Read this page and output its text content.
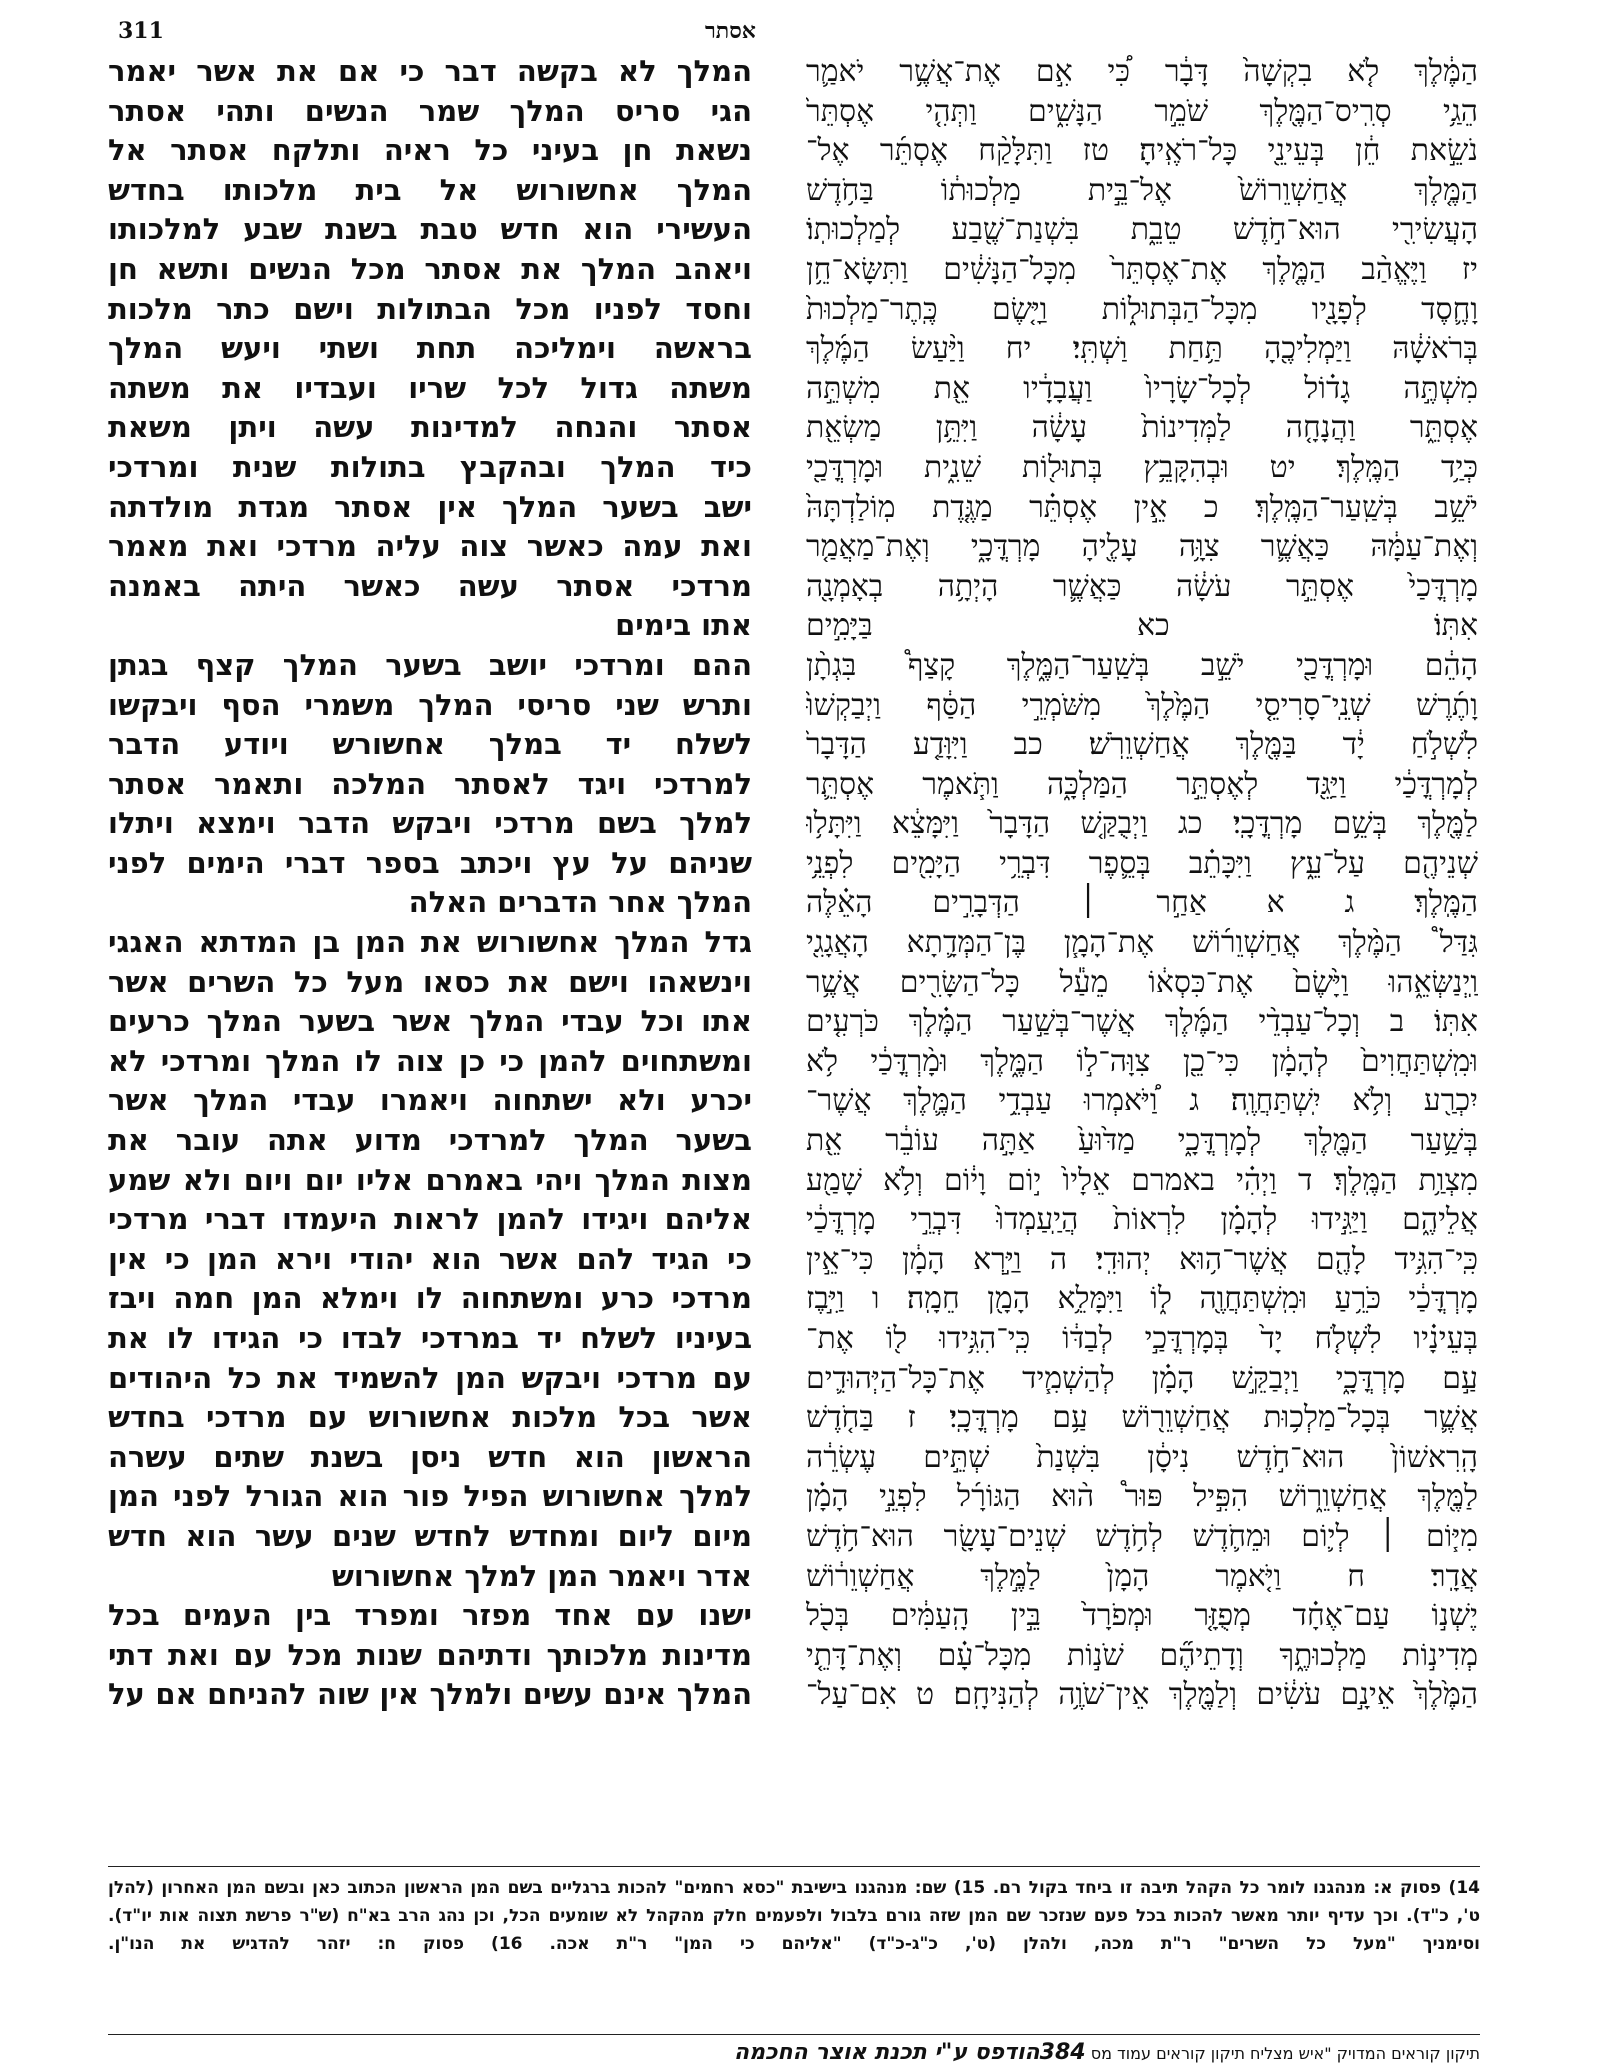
311	אסתר
המלך לא בקשה דבר כי אם את אשר יאמר
הגי סריס המלך שמר הנשים ותהי אסתר
נשאת חן בעיני כל ראיה ותלקח אסתר אל
המלך אחשורוש אל בית מלכותו בחדש
העשירי הוא חדש טבת בשנת שבע למלכותו
ויאהב המלך את אסתר מכל הנשים ותשא חן
וחסד לפניו מכל הבתולות וישם כתר מלכות
בראשה וימליכה תחת ושתי ויעש המלך
משתה גדול לכל שריו ועבדיו את משתה
אסתר והנחה למדינות עשה ויתן משאת
כיד המלך ובהקבץ בתולות שנית ומרדכי
ישב בשער המלך אין אסתר מגדת מולדתה
ואת עמה כאשר צוה עליה מרדכי ואת מאמר
מרדכי אסתר עשה כאשר היתה באמנה
אתו בימים
ההם ומרדכי יושב בשער המלך קצף בגתן
ותרש שני סריסי המלך משמרי הסף ויבקשו
לשלח יד במלך אחשורש ויודע הדבר
למרדכי ויגד לאסתר המלכה ותאמר אסתר
למלך בשם מרדכי ויבקש הדבר וימצא ויתלו
שניהם על עץ ויכתב בספר דברי הימים לפני
המלך אחר הדברים האלה
גדל המלך אחשורוש את המן בן המדתא האגגי
וינשאהו וישם את כסאו מעל כל השרים אשר
אתו וכל עבדי המלך אשר בשער המלך כרעים
ומשתחוים להמן כי כן צוה לו המלך ומרדכי לא
יכרע ולא ישתחוה ויאמרו עבדי המלך אשר
בשער המלך למרדכי מדוע אתה עובר את
מצות המלך ויהי באמרם אליו יום ויום ולא שמע
אליהם ויגידו להמן לראות היעמדו דברי מרדכי
כי הגיד להם אשר הוא יהודי וירא המן כי אין
מרדכי כרע ומשתחוה לו וימלא המן חמה ויבז
בעיניו לשלח יד במרדכי לבדו כי הגידו לו את
עם מרדכי ויבקש המן להשמיד את כל היהודים
אשר בכל מלכות אחשורוש עם מרדכי בחדש
הראשון הוא חדש ניסן בשנת שתים עשרה
למלך אחשורוש הפיל פור הוא הגורל לפני המן
מיום ליום ומחדש לחדש שנים עשר הוא חדש
אדר ויאמר המן למלך אחשורוש
ישנו עם אחד מפזר ומפרד בין העמים בכל
מדינות מלכותך ודתיהם שנות מכל עם ואת דתי
המלך אינם עשים ולמלך אין שוה להניחם אם על
הַמֶּ֔לֶךְ לֹ֤א בִקְשָׁה֙ דָּבָ֔ר כִּ֠י אִ֣ם אֶת־אֲשֶׁ֥ר יֹאמַ֛ר
הֵגַ֥י סְרִֽיס־הַמֶּ֖לֶךְ שֹׁמֵ֣ר הַנָּשִׁ֑ים וַתְּהִ֤י אֶסְתֵּר֙
נֹשֵׂ֣את חֵ֔ן בְּעֵינֵ֖י כָּל־רֹאֶֽיהָ׃ טז וַתִּלָּקַ֨ח אֶסְתֵּ֜ר אֶל־
הַמֶּ֤לֶךְ אֲחַשְׁוֵרוֹשׁ֙ אֶל־בֵּ֣ית מַלְכוּת֔וֹ בַּחֹ֥דֶשׁ
הָעֲשִׂירִ֖י הוּא־חֹ֣דֶשׁ טֵבֵ֑ת בִּשְׁנַת־שֶׁ֖בַע לְמַלְכוּתֽוֹ׃
יז וַיֶּאֱהַ֨ב הַמֶּ֤לֶךְ אֶת־אֶסְתֵּר֙ מִכָּל־הַנָּשִׁ֔ים וַתִּשָּׂא־חֵ֥ן
וָחֶ֛סֶד לְפָנָ֖יו מִכָּל־הַבְּתוּל֑וֹת וַיָּ֤שֶׂם כֶּֽתֶר־מַלְכוּת֙
בְּרֹאשָׁ֔הּ וַיַּמְלִיכֶ֖הָ תַּ֥חַת וַשְׁתִּֽי׃ יח וַיַּ֨עַשׂ הַמֶּ֜לֶךְ
מִשְׁתֶּ֣ה גָד֗וֹל לְכָל־שָׂרָיו֙ וַעֲבָדָ֔יו אֵ֖ת מִשְׁתֵּ֣ה
אֶסְתֵּ֑ר וַהֲנָחָ֤ה לַמְּדִינוֹת֙ עָשָׂ֔ה וַיִּתֵּ֥ן מַשְׂאֵ֖ת
כְּיַ֥ד הַמֶּֽלֶךְ׃ יט וּבְהִקָּבֵ֥ץ בְּתוּל֖וֹת שֵׁנִ֑ית וּמָרְדֳּכַ֖י
יֹשֵׁ֥ב בְּשַֽׁעַר־הַמֶּֽלֶךְ׃ כ אֵ֣ין אֶסְתֵּ֗ר מַגֶּ֤דֶת מֽוֹלַדְתָּהּ֙
וְאֶת־עַמָּ֔הּ כַּאֲשֶׁ֛ר צִוָּ֥ה עָלֶ֖יהָ מָרְדֳּכָ֑י וְאֶת־מַאֲמַ֤ר
מָרְדֳּכַי֙ אֶסְתֵּ֣ר עֹשָׂ֔ה כַּאֲשֶׁ֛ר הָיְתָ֥ה בְאָמְנָ֖ה
אִתּֽוֹ׃ כא בַּיָּמִ֣ים
הָהֵ֔ם וּמָרְדֳּכַ֖י יֹשֵׁ֣ב בְּשַֽׁעַר־הַמֶּ֑לֶךְ קָצַף֩ בִּגְתָ֨ן
וָתֶ֜רֶשׁ שְׁנֵֽי־סָרִיסֵ֤י הַמֶּ֙לֶךְ֙ מִשֹּׁמְרֵ֣י הַסַּ֔ף וַיְבַקְשׁוּ֙
לִשְׁלֹ֣חַ יָ֔ד בַּמֶּ֖לֶךְ אֲחַשְׁוֵרֹֽשׁ׃ כב וַיִּוָּדַ֤ע הַדָּבָר֙
לְמָרְדֳּכַ֔י וַיַּגֵּ֖ד לְאֶסְתֵּ֣ר הַמַּלְכָּ֑ה וַתֹּ֧אמֶר אֶסְתֵּ֛ר
לַמֶּ֖לֶךְ בְּשֵׁ֥ם מָרְדֳּכָֽי׃ כג וַיְבֻקַּ֤שׁ הַדָּבָר֙ וַיִּמָּצֵ֔א וַיִּתָּל֥וּ
שְׁנֵיהֶ֖ם עַל־עֵ֑ץ וַיִּכָּתֵ֗ב בְּסֵ֛פֶר דִּבְרֵ֥י הַיָּמִ֖ים לִפְנֵ֥י
הַמֶּֽלֶךְ׃ ג א אַחַ֣ר ׀ הַדְּבָרִ֣ים הָאֵ֗לֶּה
גִּדַּל֩ הַמֶּ֨לֶךְ אֲחַשְׁוֵר֜וֹשׁ אֶת־הָמָ֧ן בֶּן־הַמְּדָ֛תָא הָאֲגָגִ֖י
וַֽיְנַשְּׂאֵ֑הוּ וַיָּ֙שֶׂם֙ אֶת־כִּסְא֔וֹ מֵעַ֕ל כָּל־הַשָּׂרִ֖ים אֲשֶׁ֥ר
אִתּֽוֹ׃ ב וְכָל־עַבְדֵ֨י הַמֶּ֜לֶךְ אֲשֶׁר־בְּשַׁ֣עַר הַמֶּ֗לֶךְ כֹּרְעִ֤ים
וּמִֽשְׁתַּחֲוִים֙ לְהָמָ֔ן כִּי־כֵ֖ן צִוָּה־ל֣וֹ הַמֶּ֑לֶךְ וּמָ֨רְדֳּכַ֔י לֹ֥א
יִכְרַ֖ע וְלֹ֥א יִֽשְׁתַּחֲוֶֽה׃ ג וַ֠יֹּאמְרוּ עַבְדֵ֥י הַמֶּ֛לֶךְ אֲשֶׁר־
בְּשַׁ֥עַר הַמֶּ֖לֶךְ לְמָרְדֳּכָ֑י מַדּ֙וּעַ֙ אַתָּ֣ה עוֹבֵ֔ר אֵ֖ת
מִצְוַ֥ת הַמֶּֽלֶךְ׃ ד וַיְהִ֗י באמרם אֵלָיו֙ י֣וֹם וָי֔וֹם וְלֹ֥א שָׁמַ֖ע
אֲלֵיהֶ֑ם וַיַּגִּ֣ידוּ לְהָמָ֗ן לִרְאוֹת֙ הֲיַֽעַמְדוּ֙ דִּבְרֵ֣י מָרְדֳּכַ֔י
כִּֽי־הִגִּ֥יד לָהֶ֖ם אֲשֶׁר־ה֥וּא יְהוּדִֽי׃ ה וַיַּ֣רְא הָמָ֔ן כִּי־אֵ֣ין
מָרְדֳּכַ֔י כֹּרֵ֥עַ וּמִֽשְׁתַּחֲוֶ֖ה ל֑וֹ וַיִּמָּלֵ֥א הָמָ֖ן חֵמָֽה׃ ו וַיִּ֣בֶז
בְּעֵינָ֗יו לִשְׁלֹ֤ח יָד֙ בְּמָרְדֳּכַ֣י לְבַדּ֔וֹ כִּֽי־הִגִּ֥ידוּ ל֖וֹ אֶת־
עַ֣ם מָרְדֳּכָ֑י וַיְבַקֵּ֣שׁ הָמָ֗ן לְהַשְׁמִ֧יד אֶת־כָּל־הַיְּהוּדִ֛ים
אֲשֶׁ֛ר בְּכָל־מַלְכ֥וּת אֲחַשְׁוֵר֖וֹשׁ עַ֥ם מָרְדֳּכָֽי׃ ז בַּחֹ֤דֶשׁ
הָֽרִאשׁוֹן֙ הוּא־חֹ֣דֶשׁ נִיסָ֔ן בִּשְׁנַת֙ שְׁתֵּ֣ים עֶשְׂרֵ֔ה
לַמֶּ֖לֶךְ אֲחַשְׁוֵר֑וֹשׁ הִפִּ֣יל פּוּר֩ ה֨וּא הַגּוֹרָ֜ל לִפְנֵ֣י הָמָ֗ן
מִיּ֧וֹם ׀ לְי֛וֹם וּמֵחֹ֛דֶשׁ לְחֹ֥דֶשׁ שְׁנֵים־עָשָׂ֖ר הוּא־חֹ֥דֶשׁ
אֲדָֽר׃ ח וַיֹּ֤אמֶר הָמָן֙ לַמֶּ֣לֶךְ אֲחַשְׁוֵר֔וֹשׁ
יֶשְׁנ֣וֹ עַם־אֶחָ֗ד מְפֻזָּ֤ר וּמְפֹרָד֙ בֵּ֣ין הָֽעַמִּ֔ים בְּכֹ֖ל
מְדִינ֣וֹת מַלְכוּתֶ֑ךָ וְדָתֵיהֶ֞ם שֹׁנ֣וֹת מִכָּל־עָ֗ם וְאֶת־דָּתֵ֤י
הַמֶּ֙לֶךְ֙ אֵינָ֣ם עֹשִׂ֔ים וְלַמֶּ֖לֶךְ אֵין־שֹׁוֶ֥ה לְהַנִּיחָֽם׃ ט אִם־עַל־
14) פסוק א: מנהגנו לומר כל הקהל תיבה זו ביחד בקול רם. 15) שם: מנהגנו בישיבת "כסא רחמים" להכות ברגליים בשם המן הראשון הכתוב כאן ובשם המן האחרון (להלן
ט', כ"ד). וכך עדיף יותר מאשר להכות בכל פעם שנזכר שם המן שזה גורם בלבול ולפעמים חלק מהקהל לא שומעים הכל, וכן נהג הרב בא"ח (ש"ר פרשת תצוה אות יו"ד).
וסימניך "מעל כל השרים" ר"ת מכה, ולהלן (ט', כ"ג-כ"ד) "אליהם כי המן" ר"ת אכה. 16) פסוק ח: יזהר להדגיש את הנו"ן.
תיקון קוראים המדויק "איש מצליח תיקון קוראים עמוד מס 384הודפס ע"י תכנת אוצר החכמה
